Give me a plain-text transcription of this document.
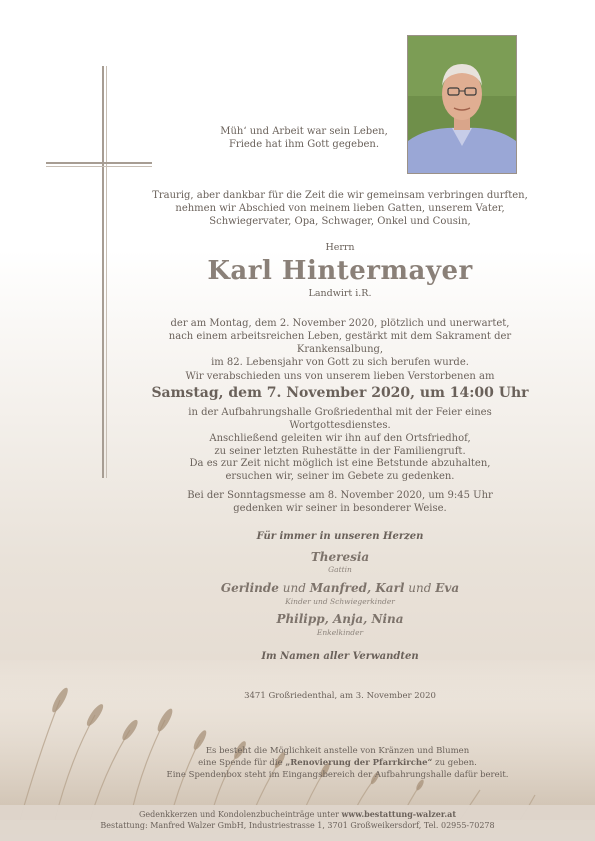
Müh‘ und Arbeit war sein Leben,
Friede hat ihm Gott gegeben.
Traurig, aber dankbar für die Zeit die wir gemeinsam verbringen durften,
nehmen wir Abschied von meinem lieben Gatten, unserem Vater,
Schwiegervater, Opa, Schwager, Onkel und Cousin,
Herrn
Karl Hintermayer
Landwirt i.R.
der am Montag, dem 2. November 2020, plötzlich und unerwartet,
nach einem arbeitsreichen Leben, gestärkt mit dem Sakrament der Krankensalbung,
im 82. Lebensjahr von Gott zu sich berufen wurde.
Wir verabschieden uns von unserem lieben Verstorbenen am
Samstag, dem 7. November 2020, um 14:00 Uhr
in der Aufbahrungshalle Großriedenthal mit der Feier eines Wortgottesdienstes.
Anschließend geleiten wir ihn auf den Ortsfriedhof,
zu seiner letzten Ruhestätte in der Familiengruft.
Da es zur Zeit nicht möglich ist eine Betstunde abzuhalten,
ersuchen wir, seiner im Gebete zu gedenken.
Bei der Sonntagsmesse am 8. November 2020, um 9:45 Uhr
gedenken wir seiner in besonderer Weise.
Für immer in unseren Herzen
Theresia
Gattin
Gerlinde und Manfred, Karl und Eva
Kinder und Schwiegerkinder
Philipp, Anja, Nina
Enkelkinder
Im Namen aller Verwandten
3471 Großriedenthal, am 3. November 2020
Es besteht die Möglichkeit anstelle von Kränzen und Blumen
eine Spende für die „Renovierung der Pfarrkirche“ zu geben.
Eine Spendenbox steht im Eingangsbereich der Aufbahrungshalle dafür bereit.
Gedenkkerzen und Kondolenzbucheinträge unter www.bestattung-walzer.at
Bestattung: Manfred Walzer GmbH, Industriestrasse 1, 3701 Großweikersdorf, Tel. 02955-70278
